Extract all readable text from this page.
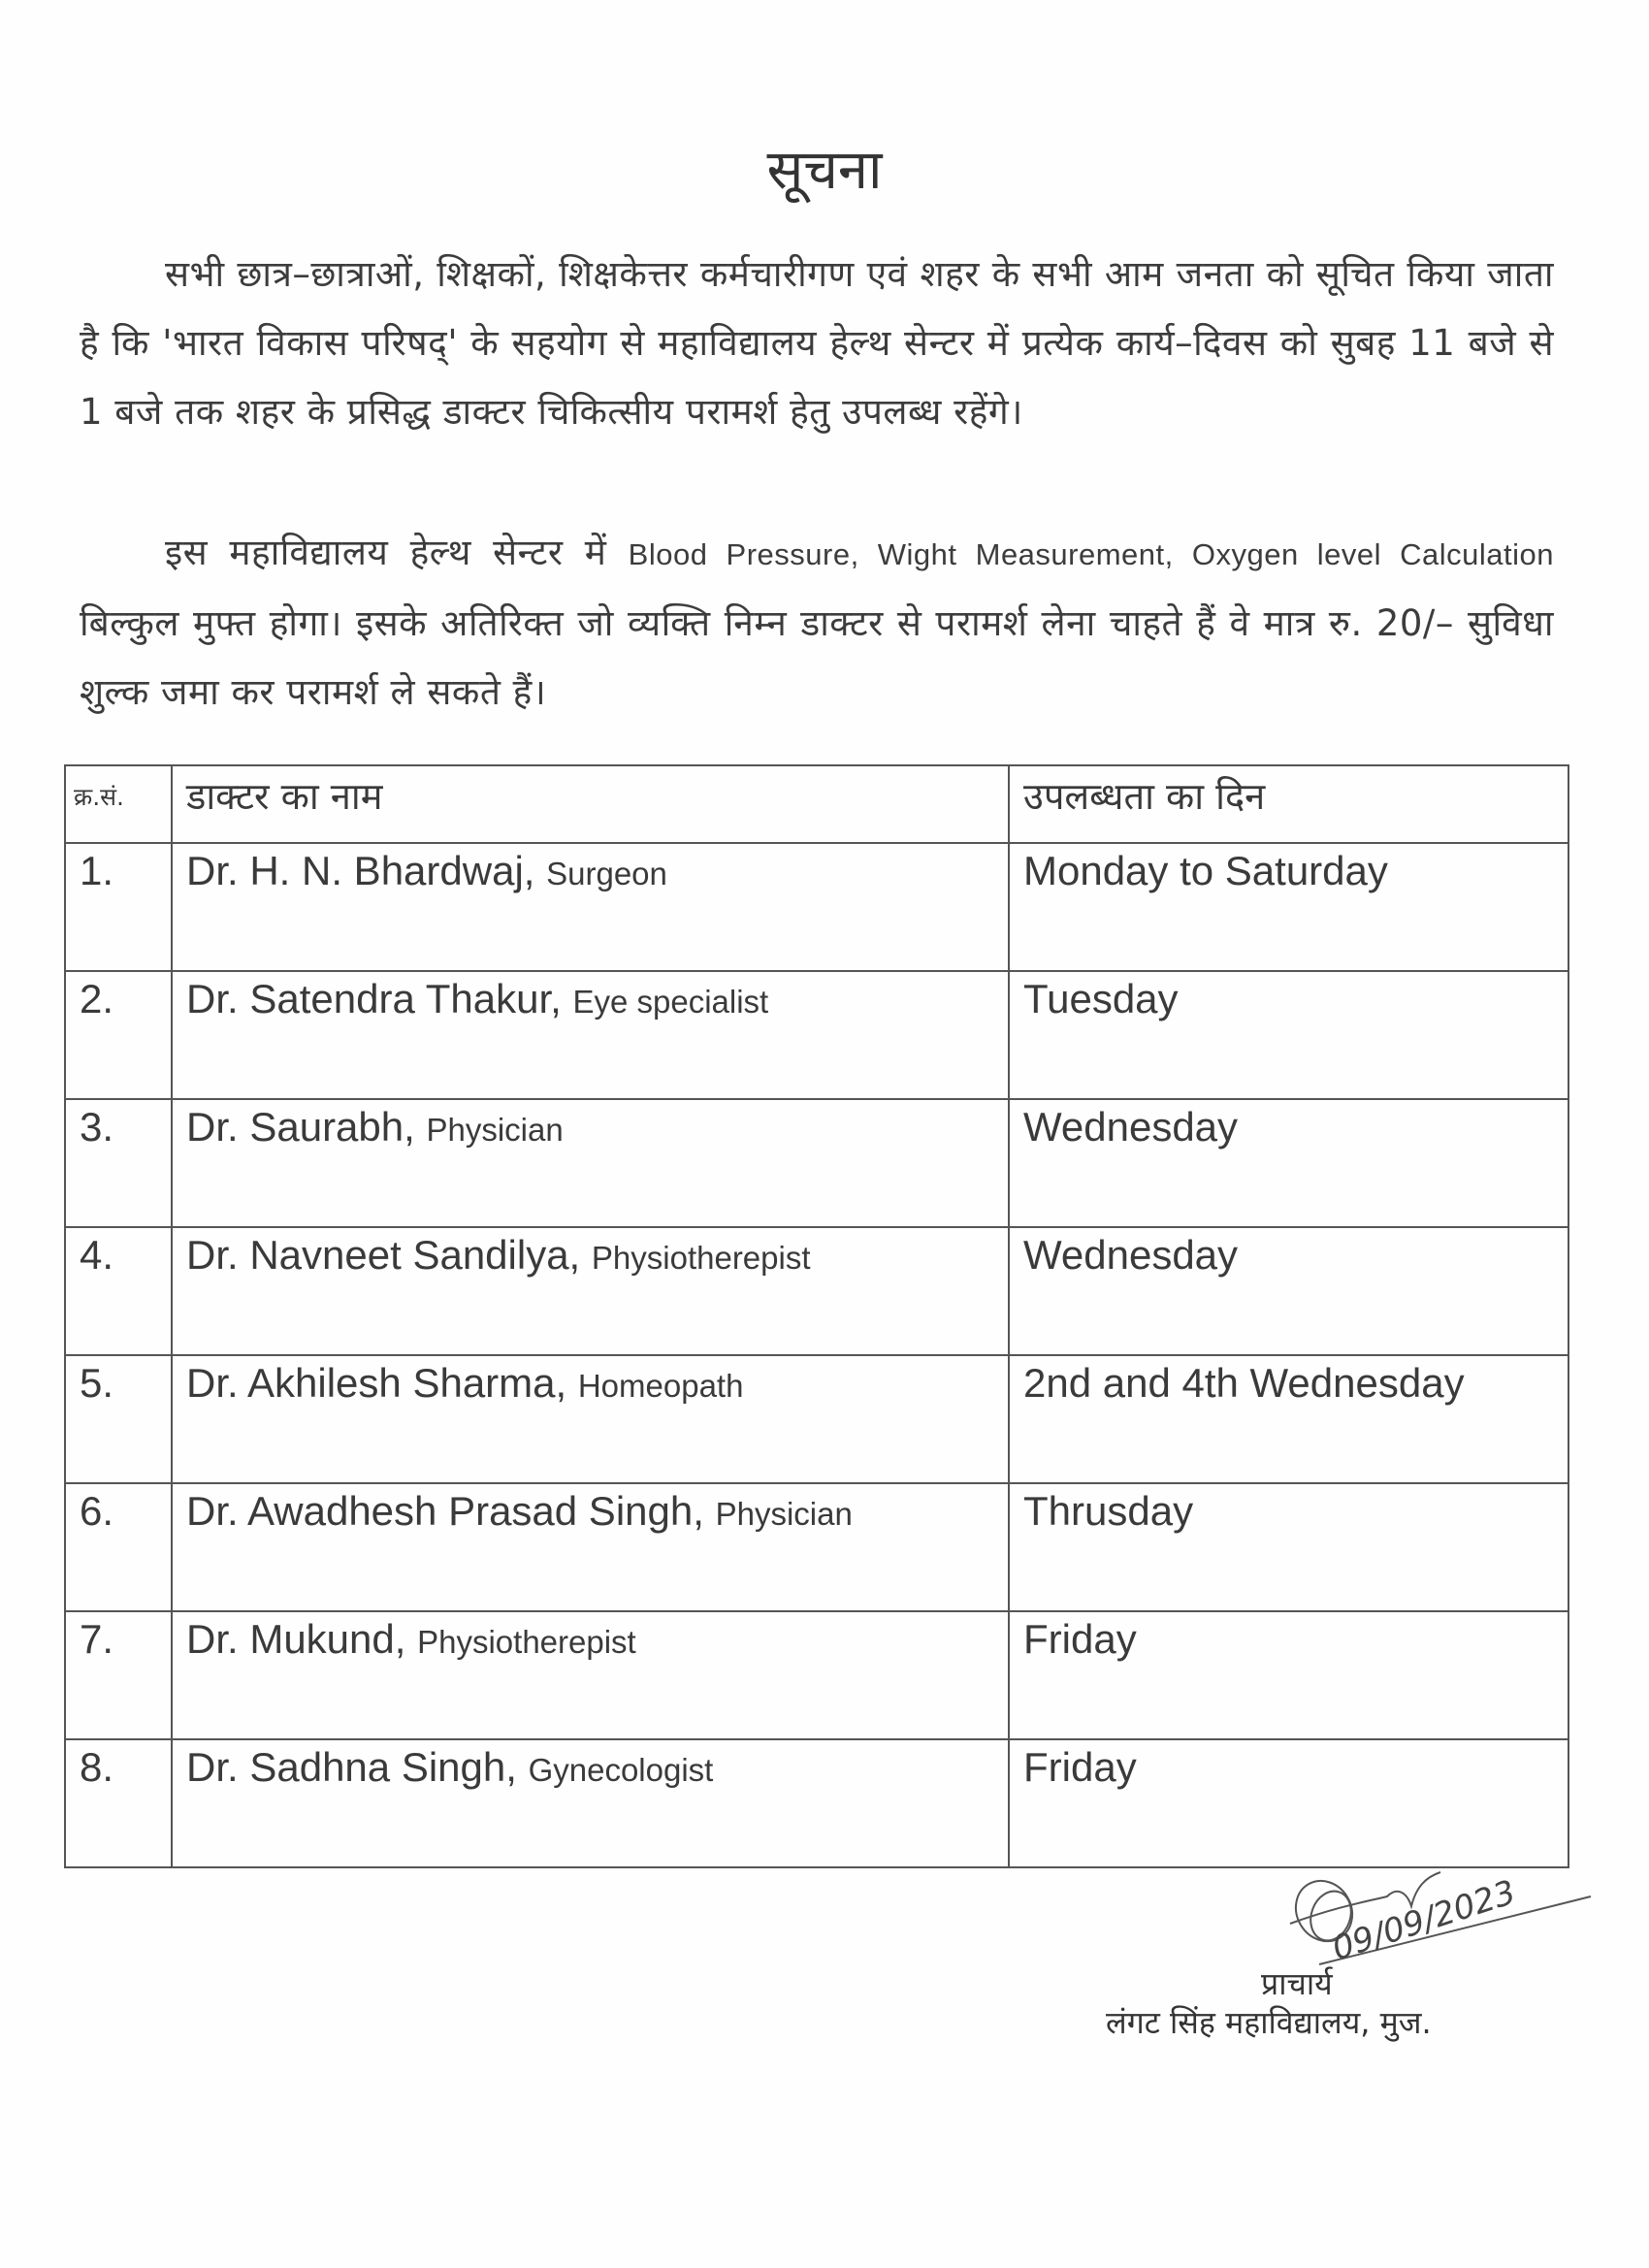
सूचना

सभी छात्र–छात्राओं, शिक्षकों, शिक्षकेत्तर कर्मचारीगण एवं शहर के सभी आम जनता को सूचित किया जाता है कि 'भारत विकास परिषद्' के सहयोग से महाविद्यालय हेल्थ सेन्टर में प्रत्येक कार्य–दिवस को सुबह 11 बजे से 1 बजे तक शहर के प्रसिद्ध डाक्टर चिकित्सीय परामर्श हेतु उपलब्ध रहेंगे।

इस महाविद्यालय हेल्थ सेन्टर में Blood Pressure, Wight Measurement, Oxygen level Calculation बिल्कुल मुफ्त होगा। इसके अतिरिक्त जो व्यक्ति निम्न डाक्टर से परामर्श लेना चाहते हैं वे मात्र रु. 20/– सुविधा शुल्क जमा कर परामर्श ले सकते हैं।

क्र.सं.	डाक्टर का नाम	उपलब्धता का दिन
1.	Dr. H. N. Bhardwaj, Surgeon	Monday to Saturday
2.	Dr. Satendra Thakur, Eye specialist	Tuesday
3.	Dr. Saurabh, Physician	Wednesday
4.	Dr. Navneet Sandilya, Physiotherepist	Wednesday
5.	Dr. Akhilesh Sharma, Homeopath	2nd and 4th Wednesday
6.	Dr. Awadhesh Prasad Singh, Physician	Thrusday
7.	Dr. Mukund, Physiotherepist	Friday
8.	Dr. Sadhna Singh, Gynecologist	Friday
09/09/2023
प्राचार्य
लंगट सिंह महाविद्यालय, मुज.
